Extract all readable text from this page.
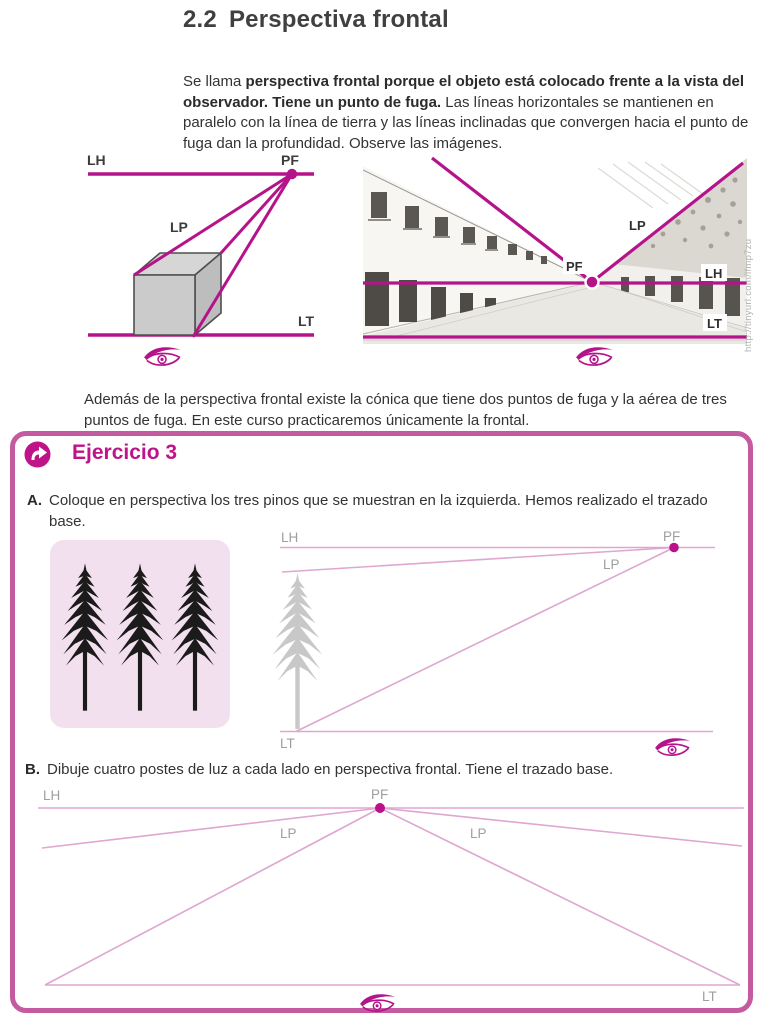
2.2 Perspectiva frontal

Se llama perspectiva frontal porque el objeto está colocado frente a la vista del observador. Tiene un punto de fuga. Las líneas horizontales se mantienen en paralelo con la línea de tierra y las líneas inclinadas que convergen hacia el punto de fuga dan la profundidad. Observe las imágenes.

LH	PF
LP
LT
PF
LP
LH
LT http://tinyurl.com/lfmp7zu

Además de la perspectiva frontal existe la cónica que tiene dos puntos de fuga y la aérea de tres puntos de fuga. En este curso practicaremos únicamente la frontal.

Ejercicio 3
A. Coloque en perspectiva los tres pinos que se muestran en la izquierda. Hemos realizado el trazado base.
LH	PF
LP
LT
B. Dibuje cuatro postes de luz a cada lado en perspectiva frontal. Tiene el trazado base.
LH	PF
LP	LP
LT
